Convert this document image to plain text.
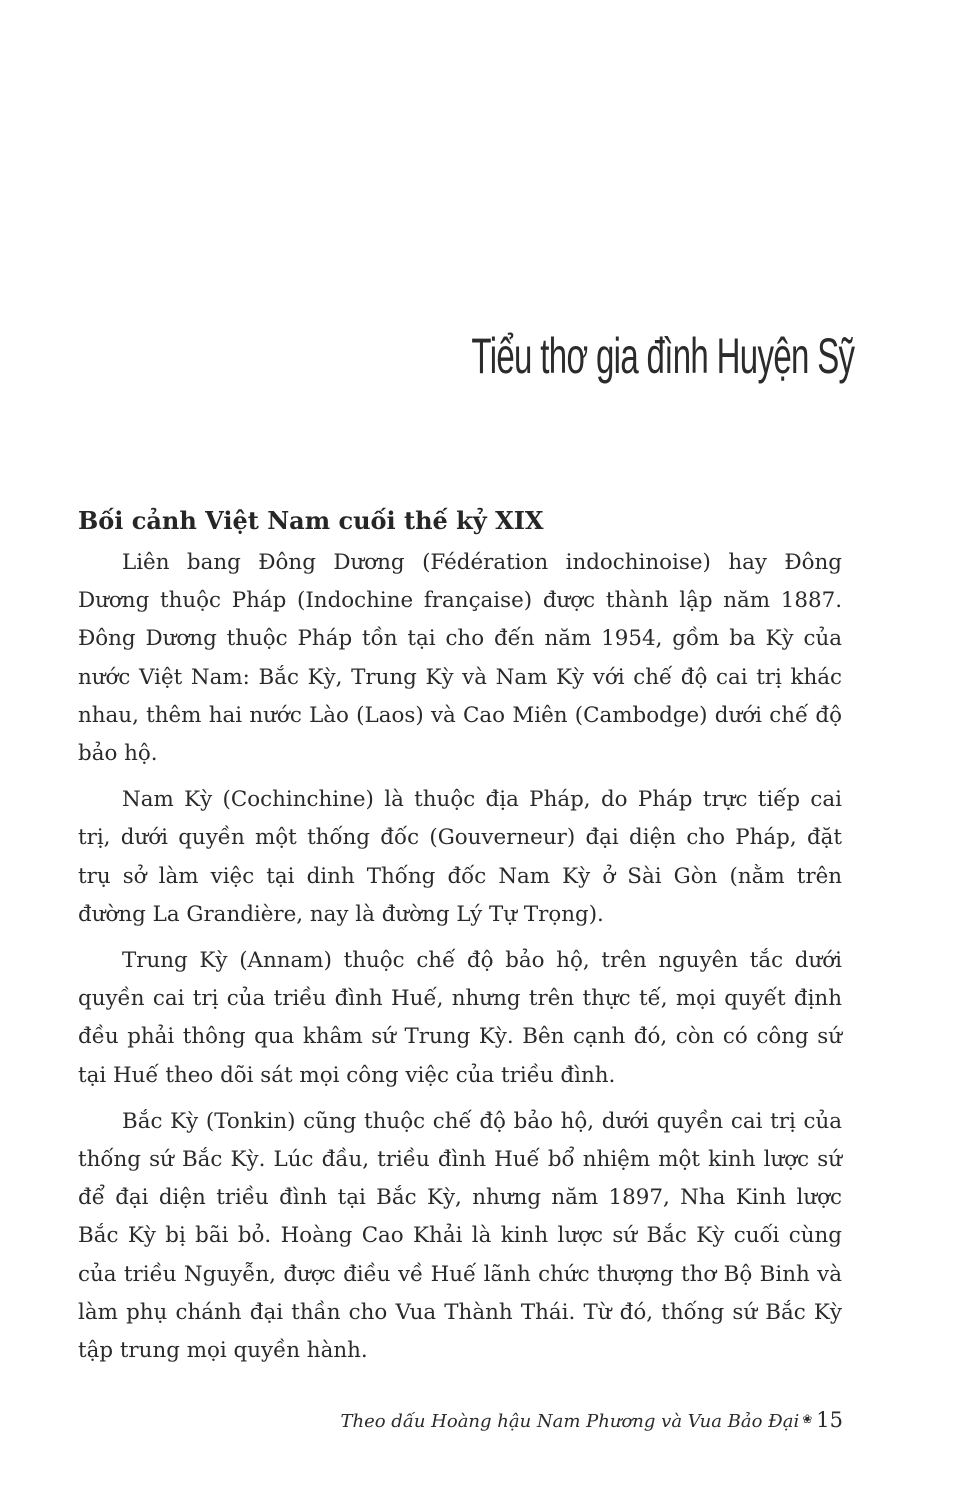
Tiểu thơ gia đình Huyện Sỹ
Bối cảnh Việt Nam cuối thế kỷ XIX

Liên bang Đông Dương (Fédération indochinoise) hay Đông Dương thuộc Pháp (Indochine française) được thành lập năm 1887. Đông Dương thuộc Pháp tồn tại cho đến năm 1954, gồm ba Kỳ của nước Việt Nam: Bắc Kỳ, Trung Kỳ và Nam Kỳ với chế độ cai trị khác nhau, thêm hai nước Lào (Laos) và Cao Miên (Cambodge) dưới chế độ bảo hộ.

Nam Kỳ (Cochinchine) là thuộc địa Pháp, do Pháp trực tiếp cai trị, dưới quyền một thống đốc (Gouverneur) đại diện cho Pháp, đặt trụ sở làm việc tại dinh Thống đốc Nam Kỳ ở Sài Gòn (nằm trên đường La Grandière, nay là đường Lý Tự Trọng).

Trung Kỳ (Annam) thuộc chế độ bảo hộ, trên nguyên tắc dưới quyền cai trị của triều đình Huế, nhưng trên thực tế, mọi quyết định đều phải thông qua khâm sứ Trung Kỳ. Bên cạnh đó, còn có công sứ tại Huế theo dõi sát mọi công việc của triều đình.

Bắc Kỳ (Tonkin) cũng thuộc chế độ bảo hộ, dưới quyền cai trị của thống sứ Bắc Kỳ. Lúc đầu, triều đình Huế bổ nhiệm một kinh lược sứ để đại diện triều đình tại Bắc Kỳ, nhưng năm 1897, Nha Kinh lược Bắc Kỳ bị bãi bỏ. Hoàng Cao Khải là kinh lược sứ Bắc Kỳ cuối cùng của triều Nguyễn, được điều về Huế lãnh chức thượng thơ Bộ Binh và làm phụ chánh đại thần cho Vua Thành Thái. Từ đó, thống sứ Bắc Kỳ tập trung mọi quyền hành.

Theo dấu Hoàng hậu Nam Phương và Vua Bảo Đại ❀ 15
